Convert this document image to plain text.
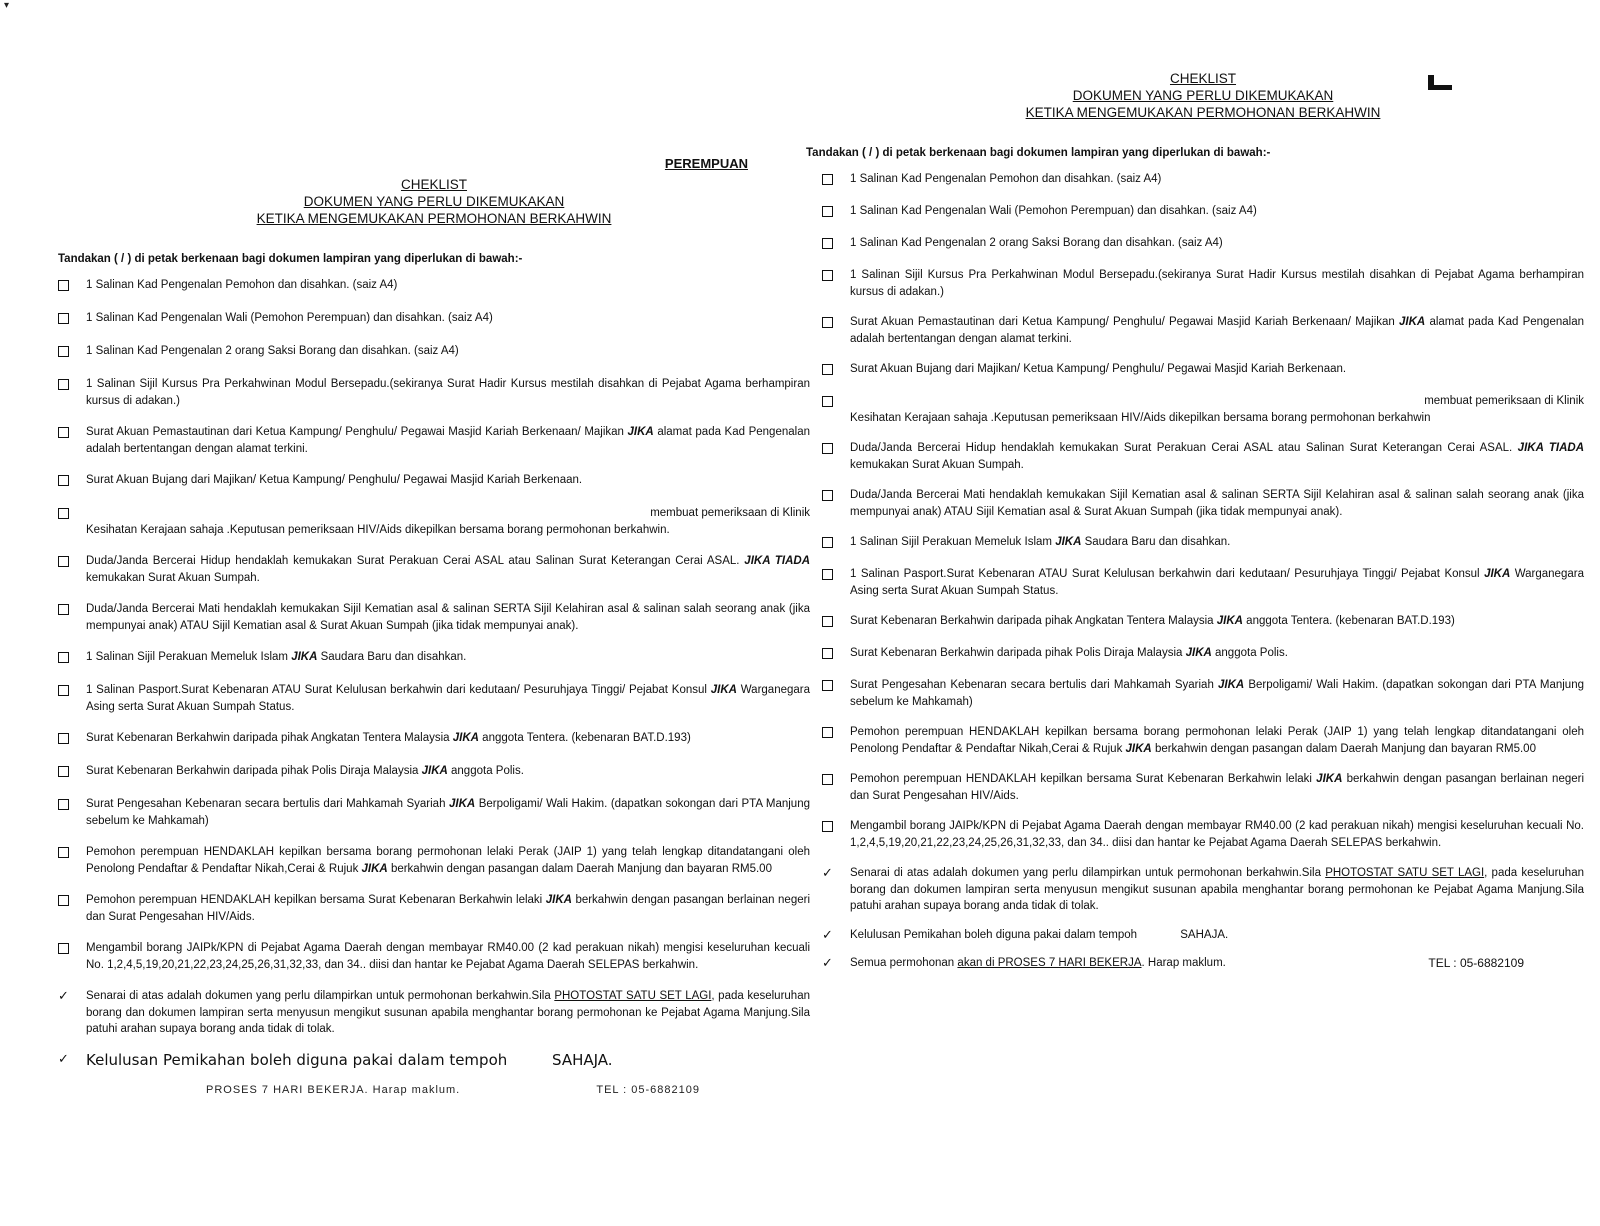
▾
PEREMPUAN
CHEKLIST
DOKUMEN YANG PERLU DIKEMUKAKAN
KETIKA MENGEMUKAKAN PERMOHONAN BERKAHWIN
Tandakan ( / ) di petak berkenaan bagi dokumen lampiran yang diperlukan di bawah:-
1 Salinan Kad Pengenalan Pemohon dan disahkan. (saiz A4)
1 Salinan Kad Pengenalan Wali (Pemohon Perempuan) dan disahkan. (saiz A4)
1 Salinan Kad Pengenalan 2 orang Saksi Borang dan disahkan. (saiz A4)
1 Salinan Sijil Kursus Pra Perkahwinan Modul Bersepadu.(sekiranya Surat Hadir Kursus mestilah disahkan di Pejabat Agama berhampiran kursus di adakan.)
Surat Akuan Pemastautinan dari Ketua Kampung/ Penghulu/ Pegawai Masjid Kariah Berkenaan/ Majikan JIKA alamat pada Kad Pengenalan adalah bertentangan dengan alamat terkini.
Surat Akuan Bujang dari Majikan/ Ketua Kampung/ Penghulu/ Pegawai Masjid Kariah Berkenaan.
membuat pemeriksaan di Klinik
Kesihatan Kerajaan sahaja .Keputusan pemeriksaan HIV/Aids dikepilkan bersama borang permohonan berkahwin.
Duda/Janda Bercerai Hidup hendaklah kemukakan Surat Perakuan Cerai ASAL atau Salinan Surat Keterangan Cerai ASAL. JIKA TIADA kemukakan Surat Akuan Sumpah.
Duda/Janda Bercerai Mati hendaklah kemukakan Sijil Kematian asal & salinan SERTA Sijil Kelahiran asal & salinan salah seorang anak (jika mempunyai anak) ATAU Sijil Kematian asal & Surat Akuan Sumpah (jika tidak mempunyai anak).
1 Salinan Sijil Perakuan Memeluk Islam JIKA Saudara Baru dan disahkan.
1 Salinan Pasport.Surat Kebenaran ATAU Surat Kelulusan berkahwin dari kedutaan/ Pesuruhjaya Tinggi/ Pejabat Konsul JIKA Warganegara Asing serta Surat Akuan Sumpah Status.
Surat Kebenaran Berkahwin daripada pihak Angkatan Tentera Malaysia JIKA anggota Tentera. (kebenaran BAT.D.193)
Surat Kebenaran Berkahwin daripada pihak Polis Diraja Malaysia JIKA anggota Polis.
Surat Pengesahan Kebenaran secara bertulis dari Mahkamah Syariah JIKA Berpoligami/ Wali Hakim. (dapatkan sokongan dari PTA Manjung sebelum ke Mahkamah)
Pemohon perempuan HENDAKLAH kepilkan bersama borang permohonan lelaki Perak (JAIP 1) yang telah lengkap ditandatangani oleh Penolong Pendaftar & Pendaftar Nikah,Cerai & Rujuk JIKA berkahwin dengan pasangan dalam Daerah Manjung dan bayaran RM5.00
Pemohon perempuan HENDAKLAH kepilkan bersama Surat Kebenaran Berkahwin lelaki JIKA berkahwin dengan pasangan berlainan negeri dan Surat Pengesahan HIV/Aids.
Mengambil borang JAIPk/KPN di Pejabat Agama Daerah dengan membayar RM40.00 (2 kad perakuan nikah) mengisi keseluruhan kecuali No. 1,2,4,5,19,20,21,22,23,24,25,26,31,32,33, dan 34.. diisi dan hantar ke Pejabat Agama Daerah SELEPAS berkahwin.
✓	Senarai di atas adalah dokumen yang perlu dilampirkan untuk permohonan berkahwin.Sila PHOTOSTAT SATU SET LAGI, pada keseluruhan borang dan dokumen lampiran serta menyusun mengikut susunan apabila menghantar borang permohonan ke Pejabat Agama Manjung.Sila patuhi arahan supaya borang anda tidak di tolak.
✓	Kelulusan Pemikahan boleh diguna pakai dalam tempoh	SAHAJA.
PROSES 7 HARI BEKERJA. Harap maklum.	TEL : 05-6882109
CHEKLIST
DOKUMEN YANG PERLU DIKEMUKAKAN
KETIKA MENGEMUKAKAN PERMOHONAN BERKAHWIN
Tandakan ( / ) di petak berkenaan bagi dokumen lampiran yang diperlukan di bawah:-
1 Salinan Kad Pengenalan Pemohon dan disahkan. (saiz A4)
1 Salinan Kad Pengenalan Wali (Pemohon Perempuan) dan disahkan. (saiz A4)
1 Salinan Kad Pengenalan 2 orang Saksi Borang dan disahkan. (saiz A4)
1 Salinan Sijil Kursus Pra Perkahwinan Modul Bersepadu.(sekiranya Surat Hadir Kursus mestilah disahkan di Pejabat Agama berhampiran kursus di adakan.)
Surat Akuan Pemastautinan dari Ketua Kampung/ Penghulu/ Pegawai Masjid Kariah Berkenaan/ Majikan JIKA alamat pada Kad Pengenalan adalah bertentangan dengan alamat terkini.
Surat Akuan Bujang dari Majikan/ Ketua Kampung/ Penghulu/ Pegawai Masjid Kariah Berkenaan.
membuat pemeriksaan di Klinik
Kesihatan Kerajaan sahaja .Keputusan pemeriksaan HIV/Aids dikepilkan bersama borang permohonan berkahwin
Duda/Janda Bercerai Hidup hendaklah kemukakan Surat Perakuan Cerai ASAL atau Salinan Surat Keterangan Cerai ASAL. JIKA TIADA kemukakan Surat Akuan Sumpah.
Duda/Janda Bercerai Mati hendaklah kemukakan Sijil Kematian asal & salinan SERTA Sijil Kelahiran asal & salinan salah seorang anak (jika mempunyai anak) ATAU Sijil Kematian asal & Surat Akuan Sumpah (jika tidak mempunyai anak).
1 Salinan Sijil Perakuan Memeluk Islam JIKA Saudara Baru dan disahkan.
1 Salinan Pasport.Surat Kebenaran ATAU Surat Kelulusan berkahwin dari kedutaan/ Pesuruhjaya Tinggi/ Pejabat Konsul JIKA Warganegara Asing serta Surat Akuan Sumpah Status.
Surat Kebenaran Berkahwin daripada pihak Angkatan Tentera Malaysia JIKA anggota Tentera. (kebenaran BAT.D.193)
Surat Kebenaran Berkahwin daripada pihak Polis Diraja Malaysia JIKA anggota Polis.
Surat Pengesahan Kebenaran secara bertulis dari Mahkamah Syariah JIKA Berpoligami/ Wali Hakim. (dapatkan sokongan dari PTA Manjung sebelum ke Mahkamah)
Pemohon perempuan HENDAKLAH kepilkan bersama borang permohonan lelaki Perak (JAIP 1) yang telah lengkap ditandatangani oleh Penolong Pendaftar & Pendaftar Nikah,Cerai & Rujuk JIKA berkahwin dengan pasangan dalam Daerah Manjung dan bayaran RM5.00
Pemohon perempuan HENDAKLAH kepilkan bersama Surat Kebenaran Berkahwin lelaki JIKA berkahwin dengan pasangan berlainan negeri dan Surat Pengesahan HIV/Aids.
Mengambil borang JAIPk/KPN di Pejabat Agama Daerah dengan membayar RM40.00 (2 kad perakuan nikah) mengisi keseluruhan kecuali No. 1,2,4,5,19,20,21,22,23,24,25,26,31,32,33, dan 34.. diisi dan hantar ke Pejabat Agama Daerah SELEPAS berkahwin.
✓	Senarai di atas adalah dokumen yang perlu dilampirkan untuk permohonan berkahwin.Sila PHOTOSTAT SATU SET LAGI, pada keseluruhan borang dan dokumen lampiran serta menyusun mengikut susunan apabila menghantar borang permohonan ke Pejabat Agama Manjung.Sila patuhi arahan supaya borang anda tidak di tolak.
✓	Kelulusan Pemikahan boleh diguna pakai dalam tempoh	SAHAJA.
✓	Semua permohonan akan di PROSES 7 HARI BEKERJA. Harap maklum.	TEL : 05-6882109
